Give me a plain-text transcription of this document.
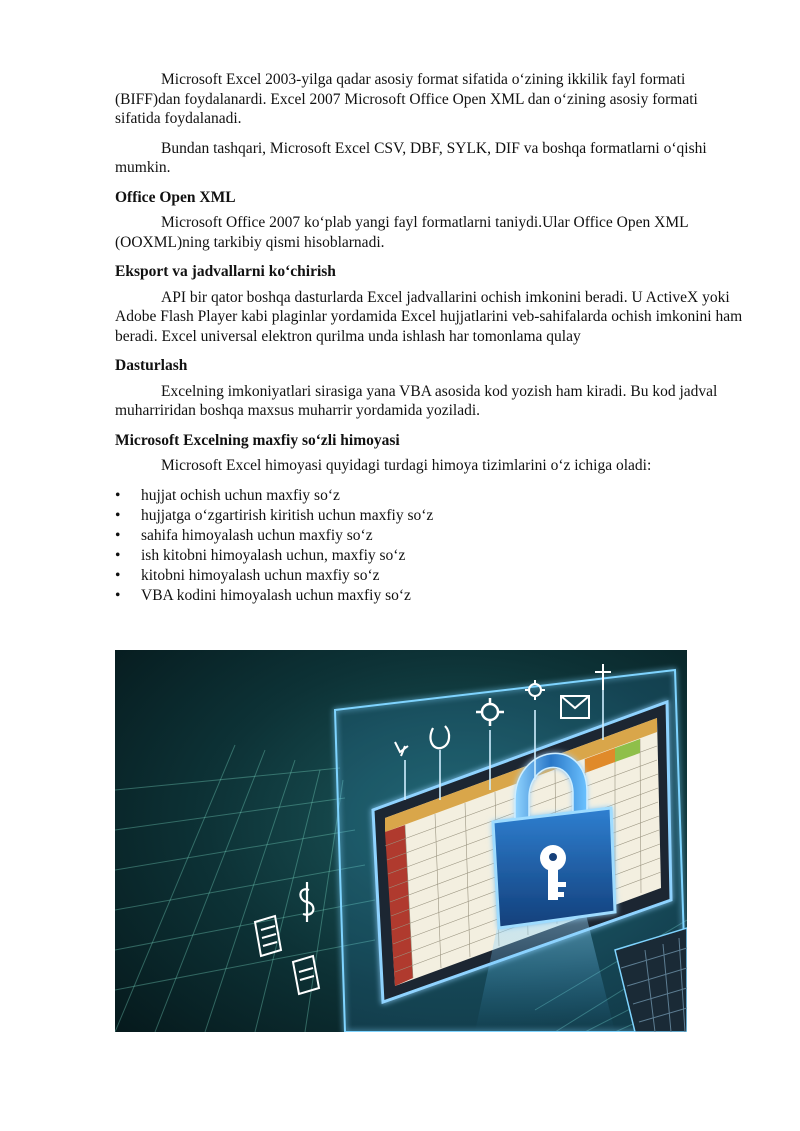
Microsoft Excel 2003-yilga qadar asosiy format sifatida o‘zining ikkilik fayl formati (BIFF)dan foydalanardi. Excel 2007 Microsoft Office Open XML dan o‘zining asosiy formati sifatida foydalanadi.

Bundan tashqari, Microsoft Excel CSV, DBF, SYLK, DIF va boshqa formatlarni o‘qishi mumkin.

Office Open XML

Microsoft Office 2007 ko‘plab yangi fayl formatlarni taniydi.Ular Office Open XML (OOXML)ning tarkibiy qismi hisoblarnadi.

Eksport va jadvallarni ko‘chirish

API bir qator boshqa dasturlarda Excel jadvallarini ochish imkonini beradi. U ActiveX yoki Adobe Flash Player kabi plaginlar yordamida Excel hujjatlarini veb-sahifalarda ochish imkonini ham beradi. Excel universal elektron qurilma unda ishlash har tomonlama qulay

Dasturlash

Excelning imkoniyatlari sirasiga yana VBA asosida kod yozish ham kiradi. Bu kod jadval muharriridan boshqa maxsus muharrir yordamida yoziladi.

Microsoft Excelning maxfiy so‘zli himoyasi

Microsoft Excel himoyasi quyidagi turdagi himoya tizimlarini o‘z ichiga oladi:

• hujjat ochish uchun maxfiy so‘z
• hujjatga o‘zgartirish kiritish uchun maxfiy so‘z
• sahifa himoyalash uchun maxfiy so‘z
• ish kitobni himoyalash uchun, maxfiy so‘z
• kitobni himoyalash uchun maxfiy so‘z
• VBA kodini himoyalash uchun maxfiy so‘z
